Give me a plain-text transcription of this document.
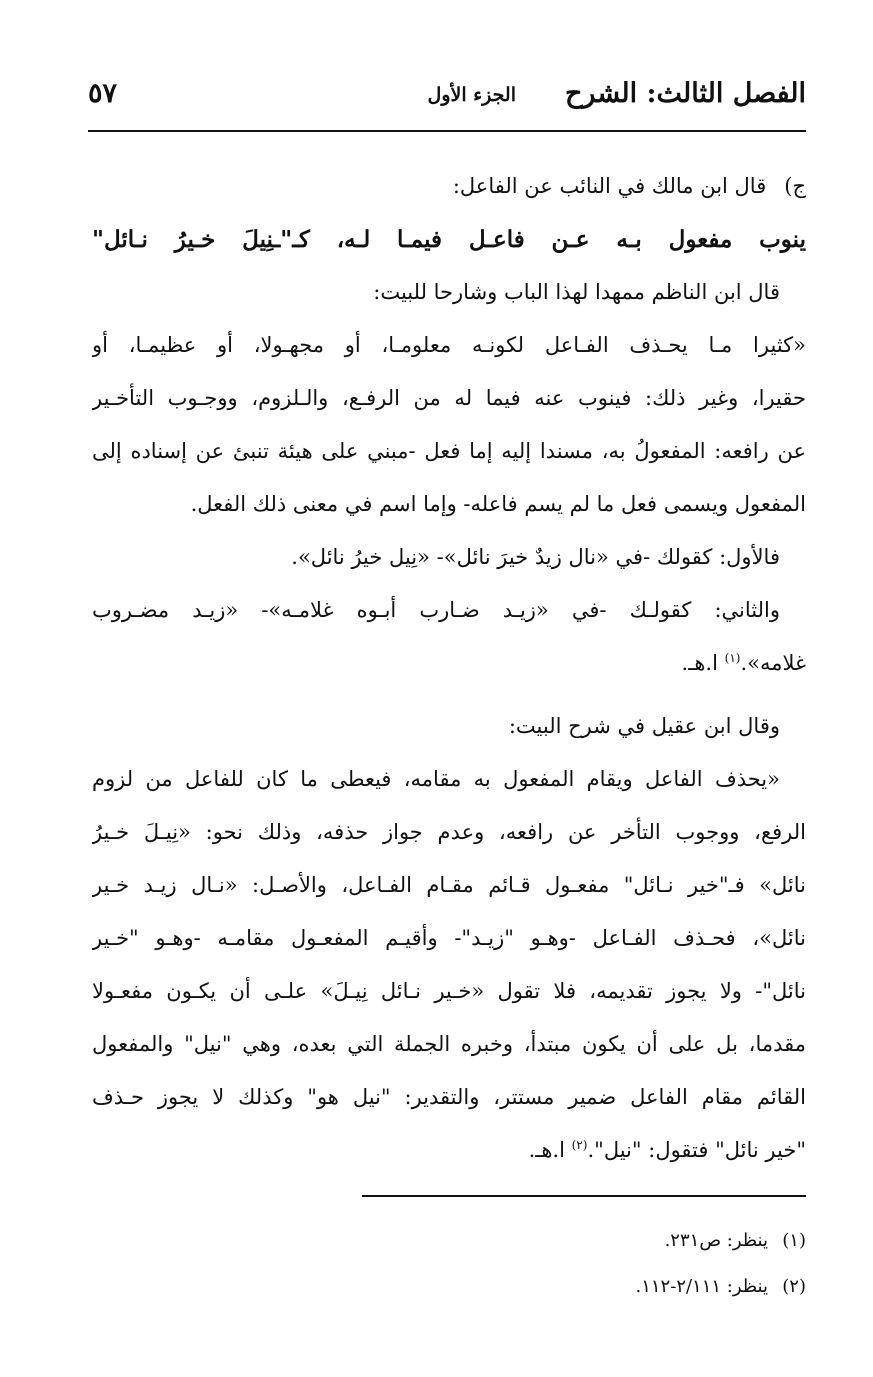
الفصل الثالث: الشرح
الجزء الأول
٥٧
ج)قال ابن مالك في النائب عن الفاعل:
ينوب مفعول بـه عـن فاعـل فيمـا لـه، كـ"ـنِيلَ خـيرُ نـائل"
قال ابن الناظم ممهدا لهذا الباب وشارحا للبيت:
«كثيرا مـا يحـذف الفـاعل لكونـه معلومـا، أو مجهـولا، أو عظيمـا، أو
حقيرا، وغير ذلك: فينوب عنه فيما له من الرفـع، والـلزوم، ووجـوب التأخـير
عن رافعه: المفعولُ به، مسندا إليه إما فعل -مبني على هيئة تنبئ عن إسناده إلى
المفعول ويسمى فعل ما لم يسم فاعله- وإما اسم في معنى ذلك الفعل.
فالأول: كقولك -في «نال زيدٌ خيرَ نائل»- «نِيل خيرُ نائل».
والثاني: كقولـك -في «زيـد ضـارب أبـوه غلامـه»- «زيـد مضـروب
غلامه».$^{(١)}$ ا.هـ.
وقال ابن عقيل في شرح البيت:
«يحذف الفاعل ويقام المفعول به مقامه، فيعطى ما كان للفاعل من لزوم
الرفع، ووجوب التأخر عن رافعه، وعدم جواز حذفه، وذلك نحو: «نِيـلَ خـيرُ
نائل» فـ"خير نـائل" مفعـول قـائم مقـام الفـاعل، والأصـل: «نـال زيـد خـير
نائل»، فحـذف الفـاعل -وهـو "زيـد"- وأقيـم المفعـول مقامـه -وهـو "خـير
نائل"- ولا يجوز تقديمه، فلا تقول «خـير نـائل نِيـلَ» علـى أن يكـون مفعـولا
مقدما، بل على أن يكون مبتدأ، وخبره الجملة التي بعده، وهي "نيل" والمفعول
القائم مقام الفاعل ضمير مستتر، والتقدير: "نيل هو" وكذلك لا يجوز حـذف
"خير نائل" فتقول: "نيل".$^{(٢)}$ ا.هـ.
(١)ينظر: ص٢٣١.
(٢)ينظر: ٢/١١١-١١٢.
